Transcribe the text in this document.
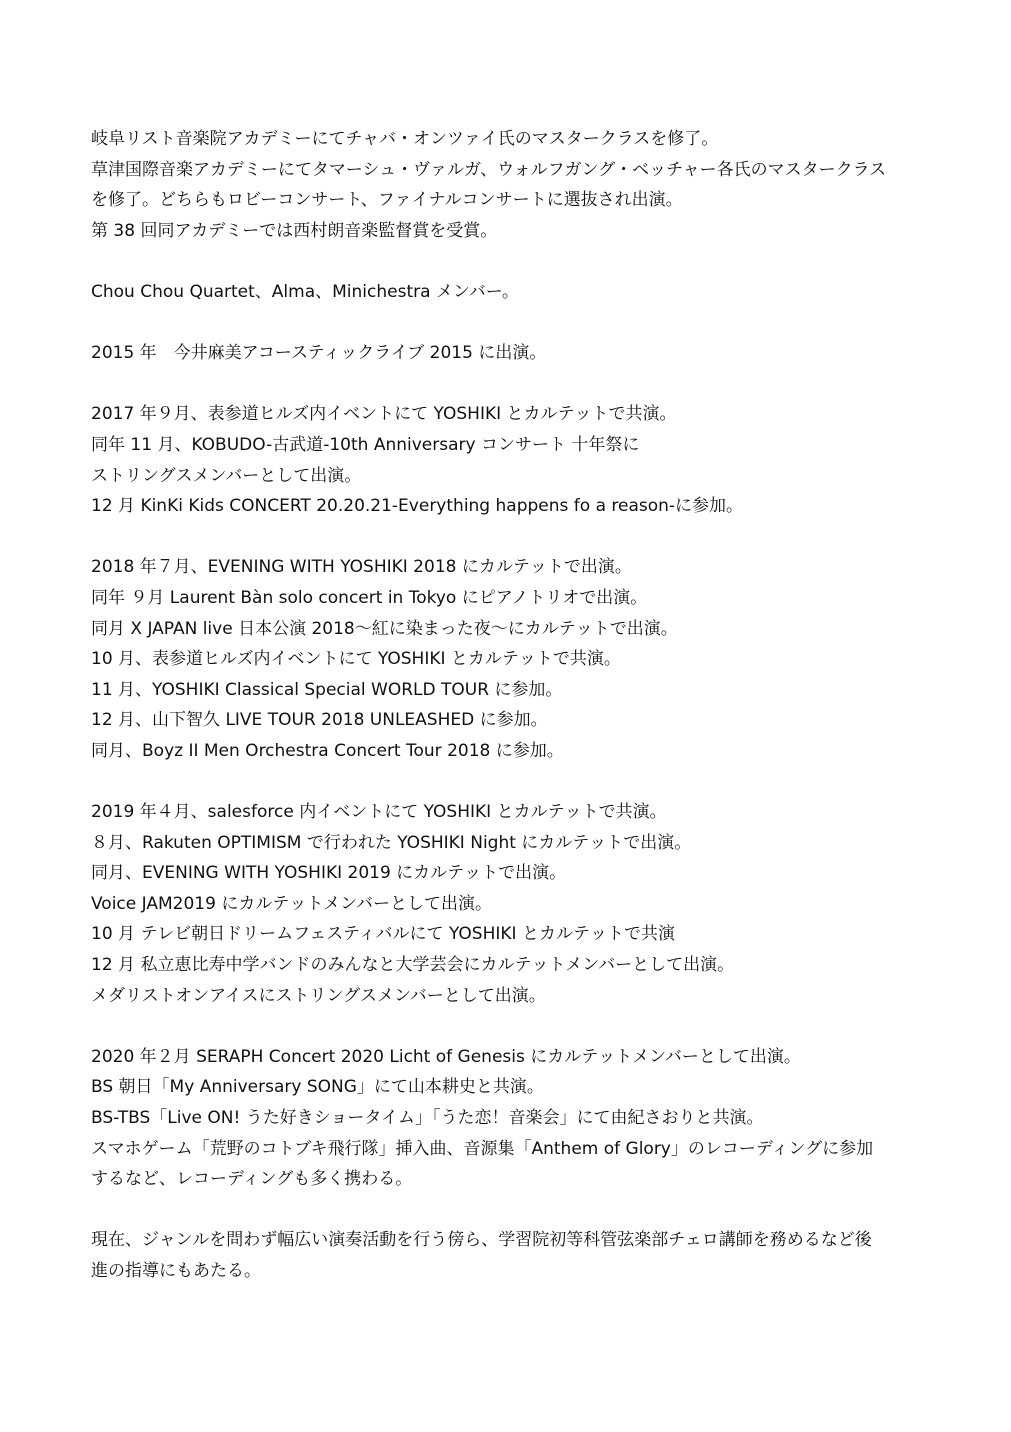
岐阜リスト音楽院アカデミーにてチャバ・オンツァイ氏のマスタークラスを修了。
草津国際音楽アカデミーにてタマーシュ・ヴァルガ、ウォルフガング・ベッチャー各氏のマスタークラス
を修了。どちらもロビーコンサート、ファイナルコンサートに選抜され出演。
第 38 回同アカデミーでは西村朗音楽監督賞を受賞。

Chou Chou Quartet、Alma、Minichestra メンバー。

2015 年　今井麻美アコースティックライブ 2015 に出演。

2017 年９月、表参道ヒルズ内イベントにて YOSHIKI とカルテットで共演。
同年 11 月、KOBUDO-古武道-10th Anniversary コンサート 十年祭に
ストリングスメンバーとして出演。
12 月 KinKi Kids CONCERT 20.20.21-Everything happens fo a reason-に参加。

2018 年７月、EVENING WITH YOSHIKI 2018 にカルテットで出演。
同年 ９月 Laurent Bàn solo concert in Tokyo にピアノトリオで出演。
同月 X JAPAN live 日本公演 2018～紅に染まった夜～にカルテットで出演。
10 月、表参道ヒルズ内イベントにて YOSHIKI とカルテットで共演。
11 月、YOSHIKI Classical Special WORLD TOUR に参加。
12 月、山下智久 LIVE TOUR 2018 UNLEASHED に参加。
同月、Boyz II Men Orchestra Concert Tour 2018 に参加。

2019 年４月、salesforce 内イベントにて YOSHIKI とカルテットで共演。
８月、Rakuten OPTIMISM で行われた YOSHIKI Night にカルテットで出演。
同月、EVENING WITH YOSHIKI 2019 にカルテットで出演。
Voice JAM2019 にカルテットメンバーとして出演。
10 月 テレビ朝日ドリームフェスティバルにて YOSHIKI とカルテットで共演
12 月 私立恵比寿中学バンドのみんなと大学芸会にカルテットメンバーとして出演。
メダリストオンアイスにストリングスメンバーとして出演。

2020 年２月 SERAPH Concert 2020 Licht of Genesis にカルテットメンバーとして出演。
BS 朝日「My Anniversary SONG」にて山本耕史と共演。
BS-TBS「Live ON! うた好きショータイム」「うた恋！音楽会」にて由紀さおりと共演。
スマホゲーム「荒野のコトブキ飛行隊」挿入曲、音源集「Anthem of Glory」のレコーディングに参加
するなど、レコーディングも多く携わる。

現在、ジャンルを問わず幅広い演奏活動を行う傍ら、学習院初等科管弦楽部チェロ講師を務めるなど後
進の指導にもあたる。
